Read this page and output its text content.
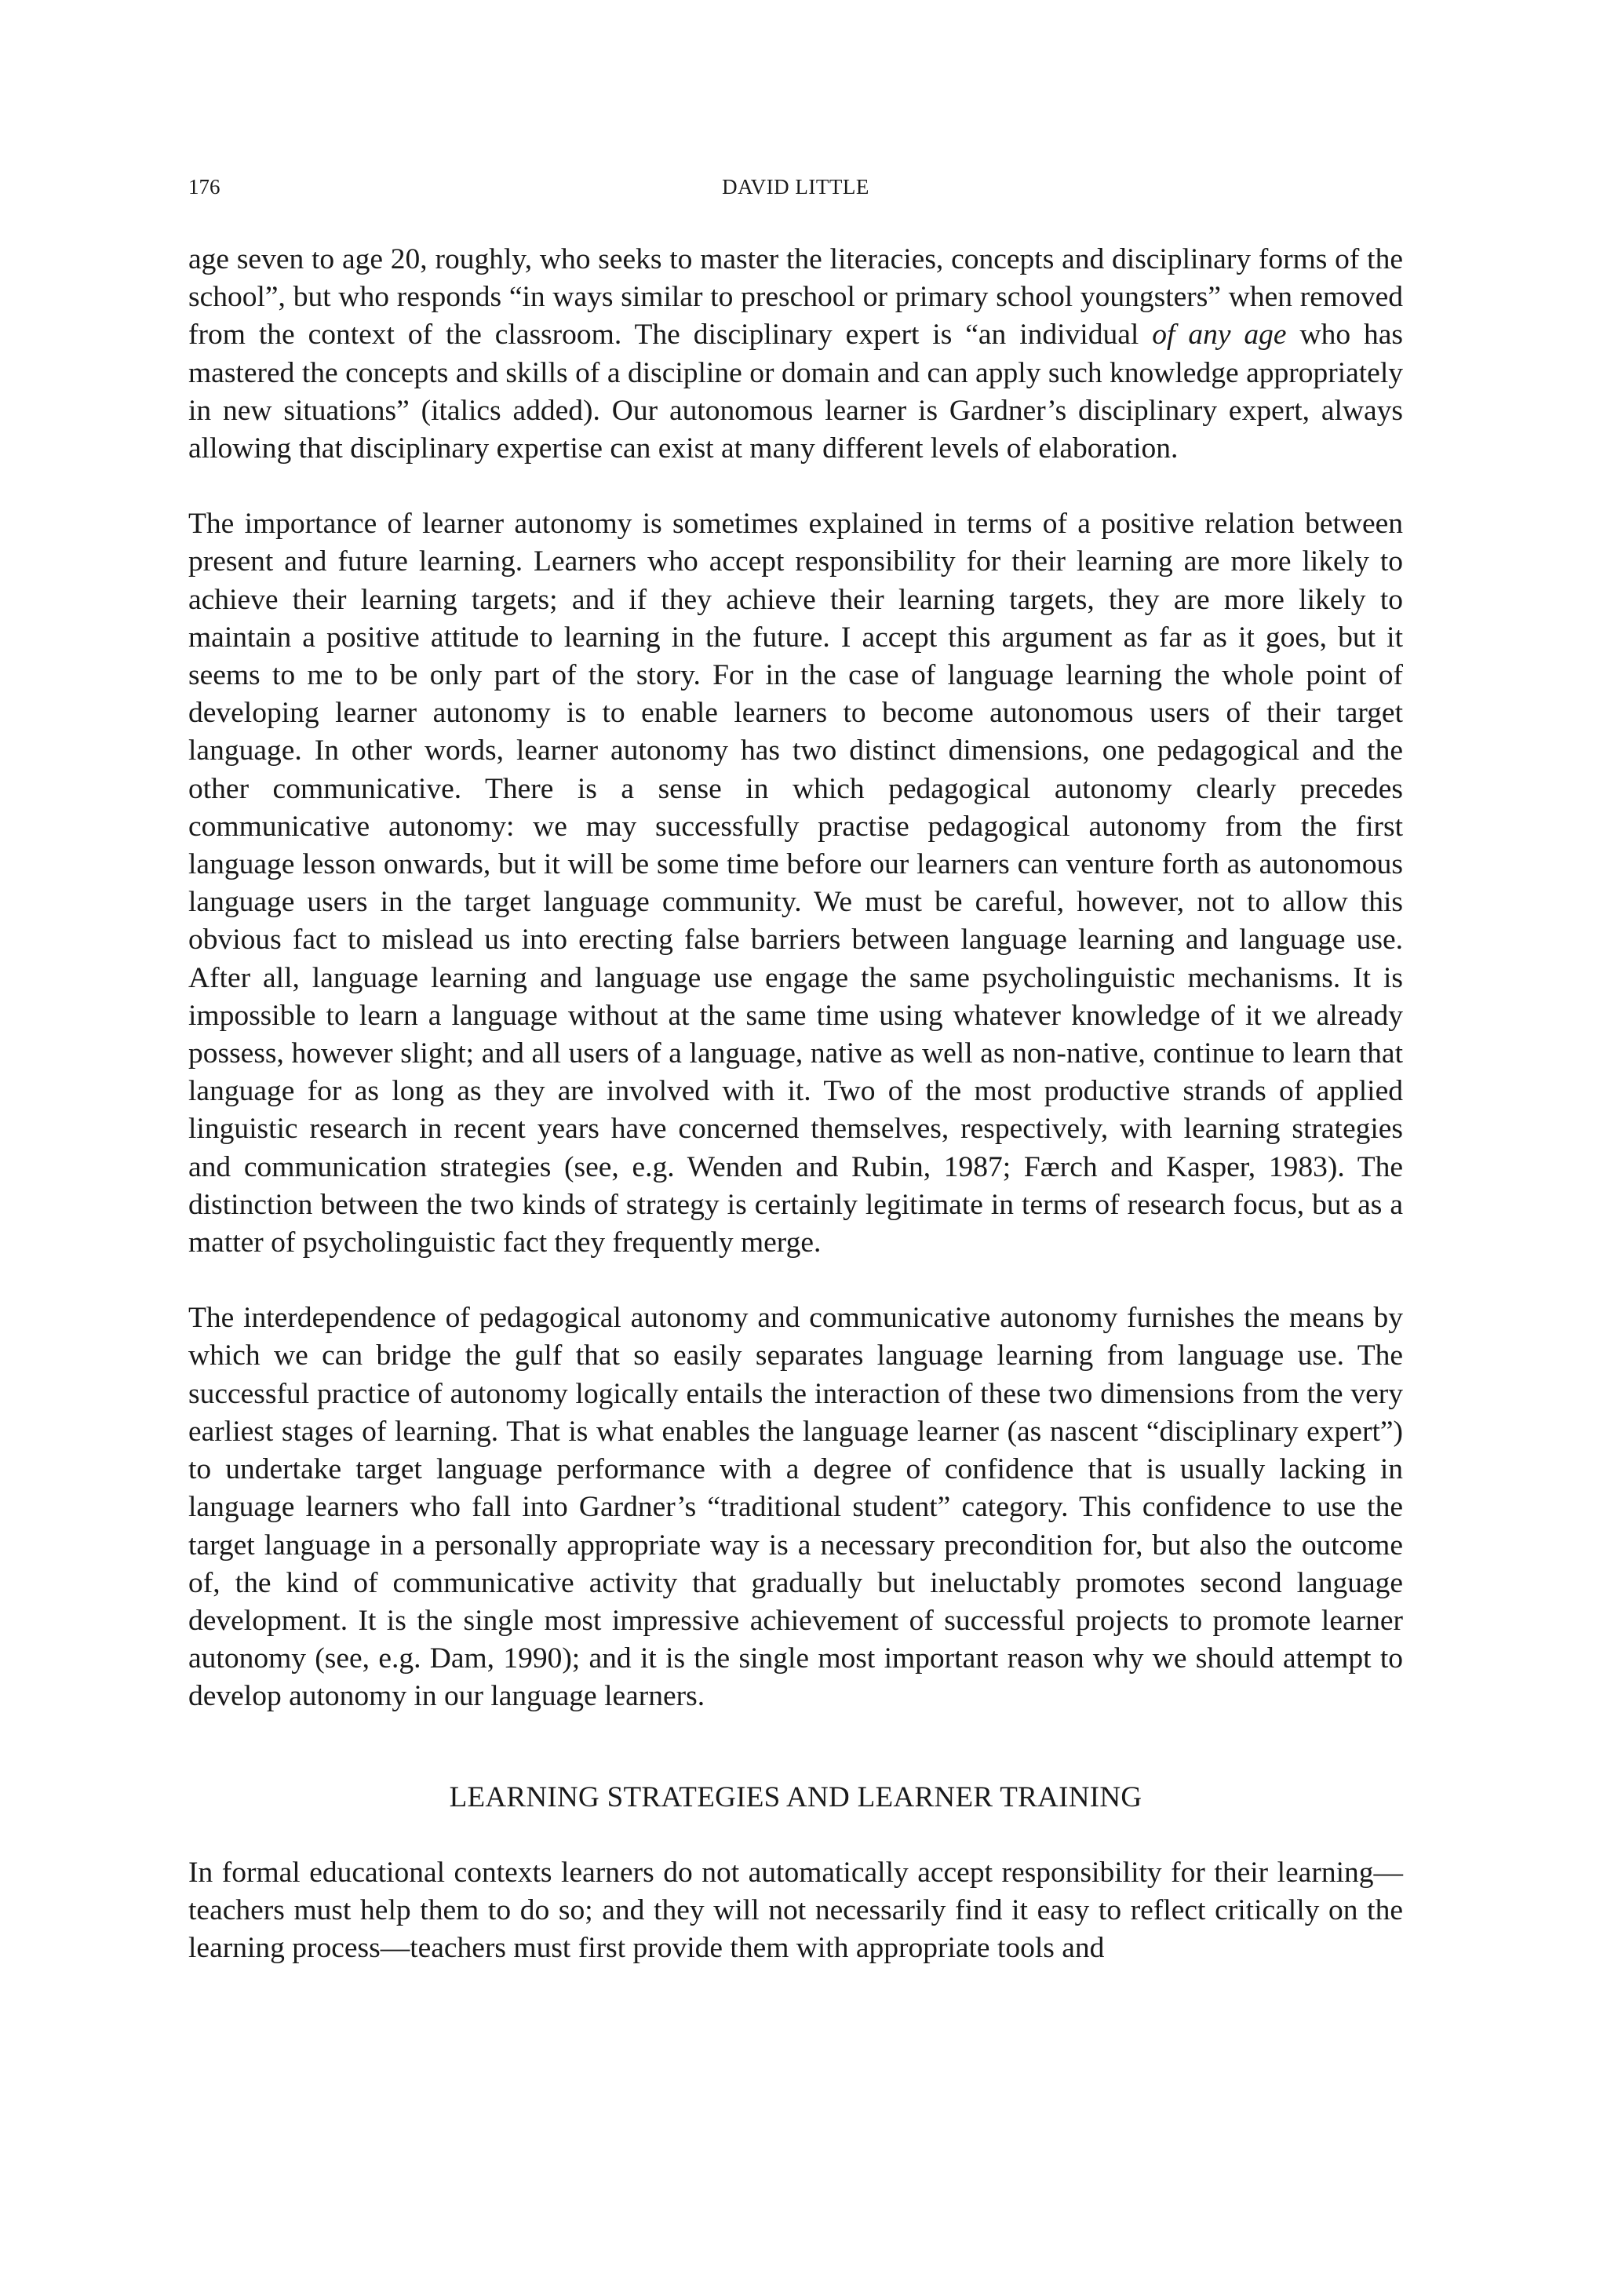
176	DAVID LITTLE

age seven to age 20, roughly, who seeks to master the literacies, concepts and disciplinary forms of the school”, but who responds “in ways similar to preschool or primary school youngsters” when removed from the context of the classroom. The disciplinary expert is “an individual of any age who has mastered the concepts and skills of a discipline or domain and can apply such knowledge appropriately in new situations” (italics added). Our autonomous learner is Gardner’s disciplinary expert, always allowing that disciplinary expertise can exist at many different levels of elaboration.

The importance of learner autonomy is sometimes explained in terms of a positive relation between present and future learning. Learners who accept responsibility for their learning are more likely to achieve their learning targets; and if they achieve their learning targets, they are more likely to maintain a positive attitude to learning in the future. I accept this argument as far as it goes, but it seems to me to be only part of the story. For in the case of language learning the whole point of developing learner autonomy is to enable learners to become autonomous users of their target language. In other words, learner autonomy has two distinct dimensions, one pedagogical and the other communicative. There is a sense in which pedagogical autonomy clearly precedes communicative autonomy: we may successfully practise pedagogical autonomy from the first language lesson onwards, but it will be some time before our learners can venture forth as autonomous language users in the target language community. We must be careful, however, not to allow this obvious fact to mislead us into erecting false barriers between language learning and language use. After all, language learning and language use engage the same psycholinguistic mechanisms. It is impossible to learn a language without at the same time using whatever knowledge of it we already possess, however slight; and all users of a language, native as well as non-native, continue to learn that language for as long as they are involved with it. Two of the most productive strands of applied linguistic research in recent years have concerned themselves, respectively, with learning strategies and communication strategies (see, e.g. Wenden and Rubin, 1987; Færch and Kasper, 1983). The distinction between the two kinds of strategy is certainly legitimate in terms of research focus, but as a matter of psycholinguistic fact they frequently merge.

The interdependence of pedagogical autonomy and communicative autonomy furnishes the means by which we can bridge the gulf that so easily separates language learning from language use. The successful practice of autonomy logically entails the interaction of these two dimensions from the very earliest stages of learning. That is what enables the language learner (as nascent “disciplinary expert”) to undertake target language performance with a degree of confidence that is usually lacking in language learners who fall into Gardner’s “traditional student” category. This confidence to use the target language in a personally appropriate way is a necessary precondition for, but also the outcome of, the kind of communicative activity that gradually but ineluctably promotes second language development. It is the single most impressive achievement of successful projects to promote learner autonomy (see, e.g. Dam, 1990); and it is the single most important reason why we should attempt to develop autonomy in our language learners.

LEARNING STRATEGIES AND LEARNER TRAINING

In formal educational contexts learners do not automatically accept responsibility for their learning—teachers must help them to do so; and they will not necessarily find it easy to reflect critically on the learning process—teachers must first provide them with appropriate tools and
